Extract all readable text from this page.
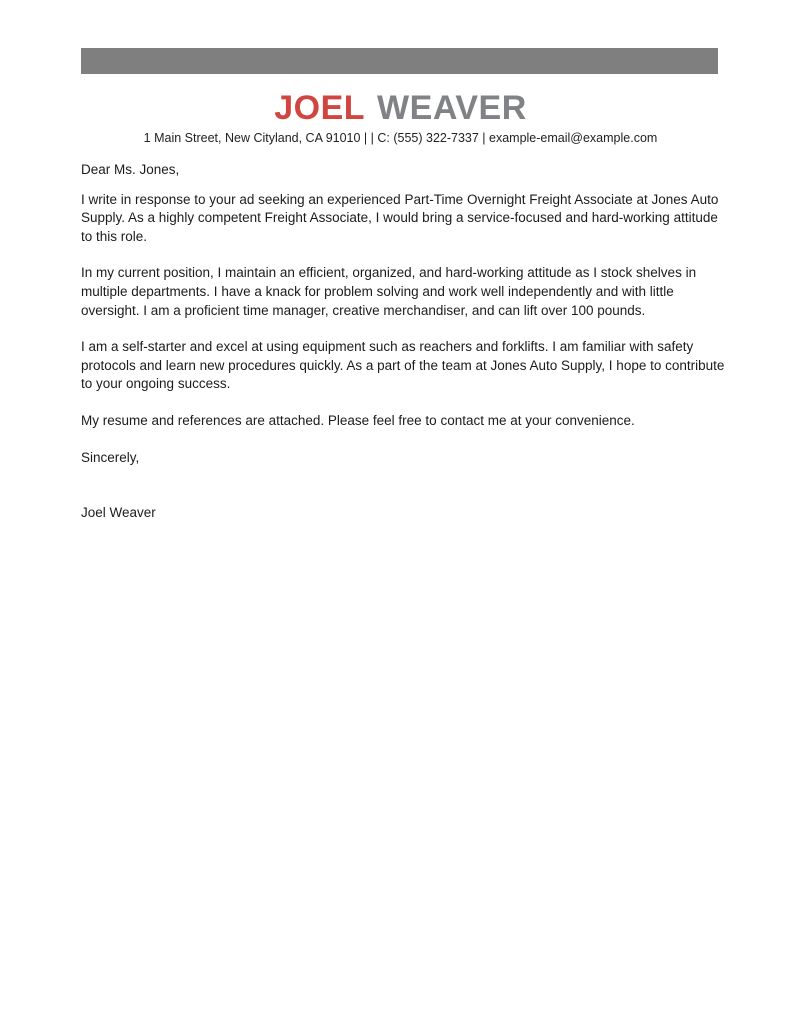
JOEL WEAVER
1 Main Street, New Cityland, CA 91010 | | C: (555) 322-7337 | example-email@example.com

Dear Ms. Jones,

I write in response to your ad seeking an experienced Part-Time Overnight Freight Associate at Jones Auto Supply. As a highly competent Freight Associate, I would bring a service-focused and hard-working attitude to this role.

In my current position, I maintain an efficient, organized, and hard-working attitude as I stock shelves in multiple departments. I have a knack for problem solving and work well independently and with little oversight. I am a proficient time manager, creative merchandiser, and can lift over 100 pounds.

I am a self-starter and excel at using equipment such as reachers and forklifts. I am familiar with safety protocols and learn new procedures quickly. As a part of the team at Jones Auto Supply, I hope to contribute to your ongoing success.

My resume and references are attached. Please feel free to contact me at your convenience.

Sincerely,

Joel Weaver
